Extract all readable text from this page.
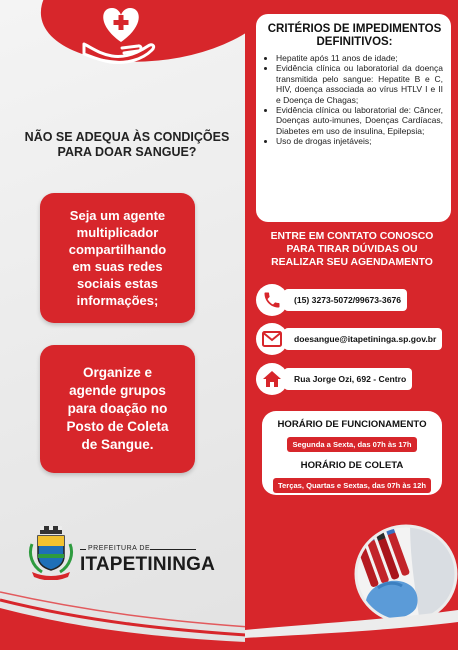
NÃO SE ADEQUA ÀS CONDIÇÕES
PARA DOAR SANGUE?
Seja um agente
multiplicador
compartilhando
em suas redes
sociais estas
informações;
Organize e
agende grupos
para doação no
Posto de Coleta
de Sangue.
PREFEITURA DE
ITAPETININGA
CRITÉRIOS DE IMPEDIMENTOS
DEFINITIVOS:
• Hepatite após 11 anos de idade;
• Evidência clínica ou laboratorial da doença transmitida pelo sangue: Hepatite B e C, HIV, doença associada ao vírus HTLV I e II e Doença de Chagas;
• Evidência clínica ou laboratorial de: Câncer, Doenças auto-imunes, Doenças Cardíacas, Diabetes em uso de insulina, Epilepsia;
• Uso de drogas injetáveis;
ENTRE EM CONTATO CONOSCO
PARA TIRAR DÚVIDAS OU
REALIZAR SEU AGENDAMENTO
(15) 3273-5072/99673-3676
doesangue@itapetininga.sp.gov.br
Rua Jorge Ozi, 692 - Centro
HORÁRIO DE FUNCIONAMENTO
Segunda a Sexta, das 07h às 17h
HORÁRIO DE COLETA
Terças, Quartas e Sextas, das 07h às 12h
